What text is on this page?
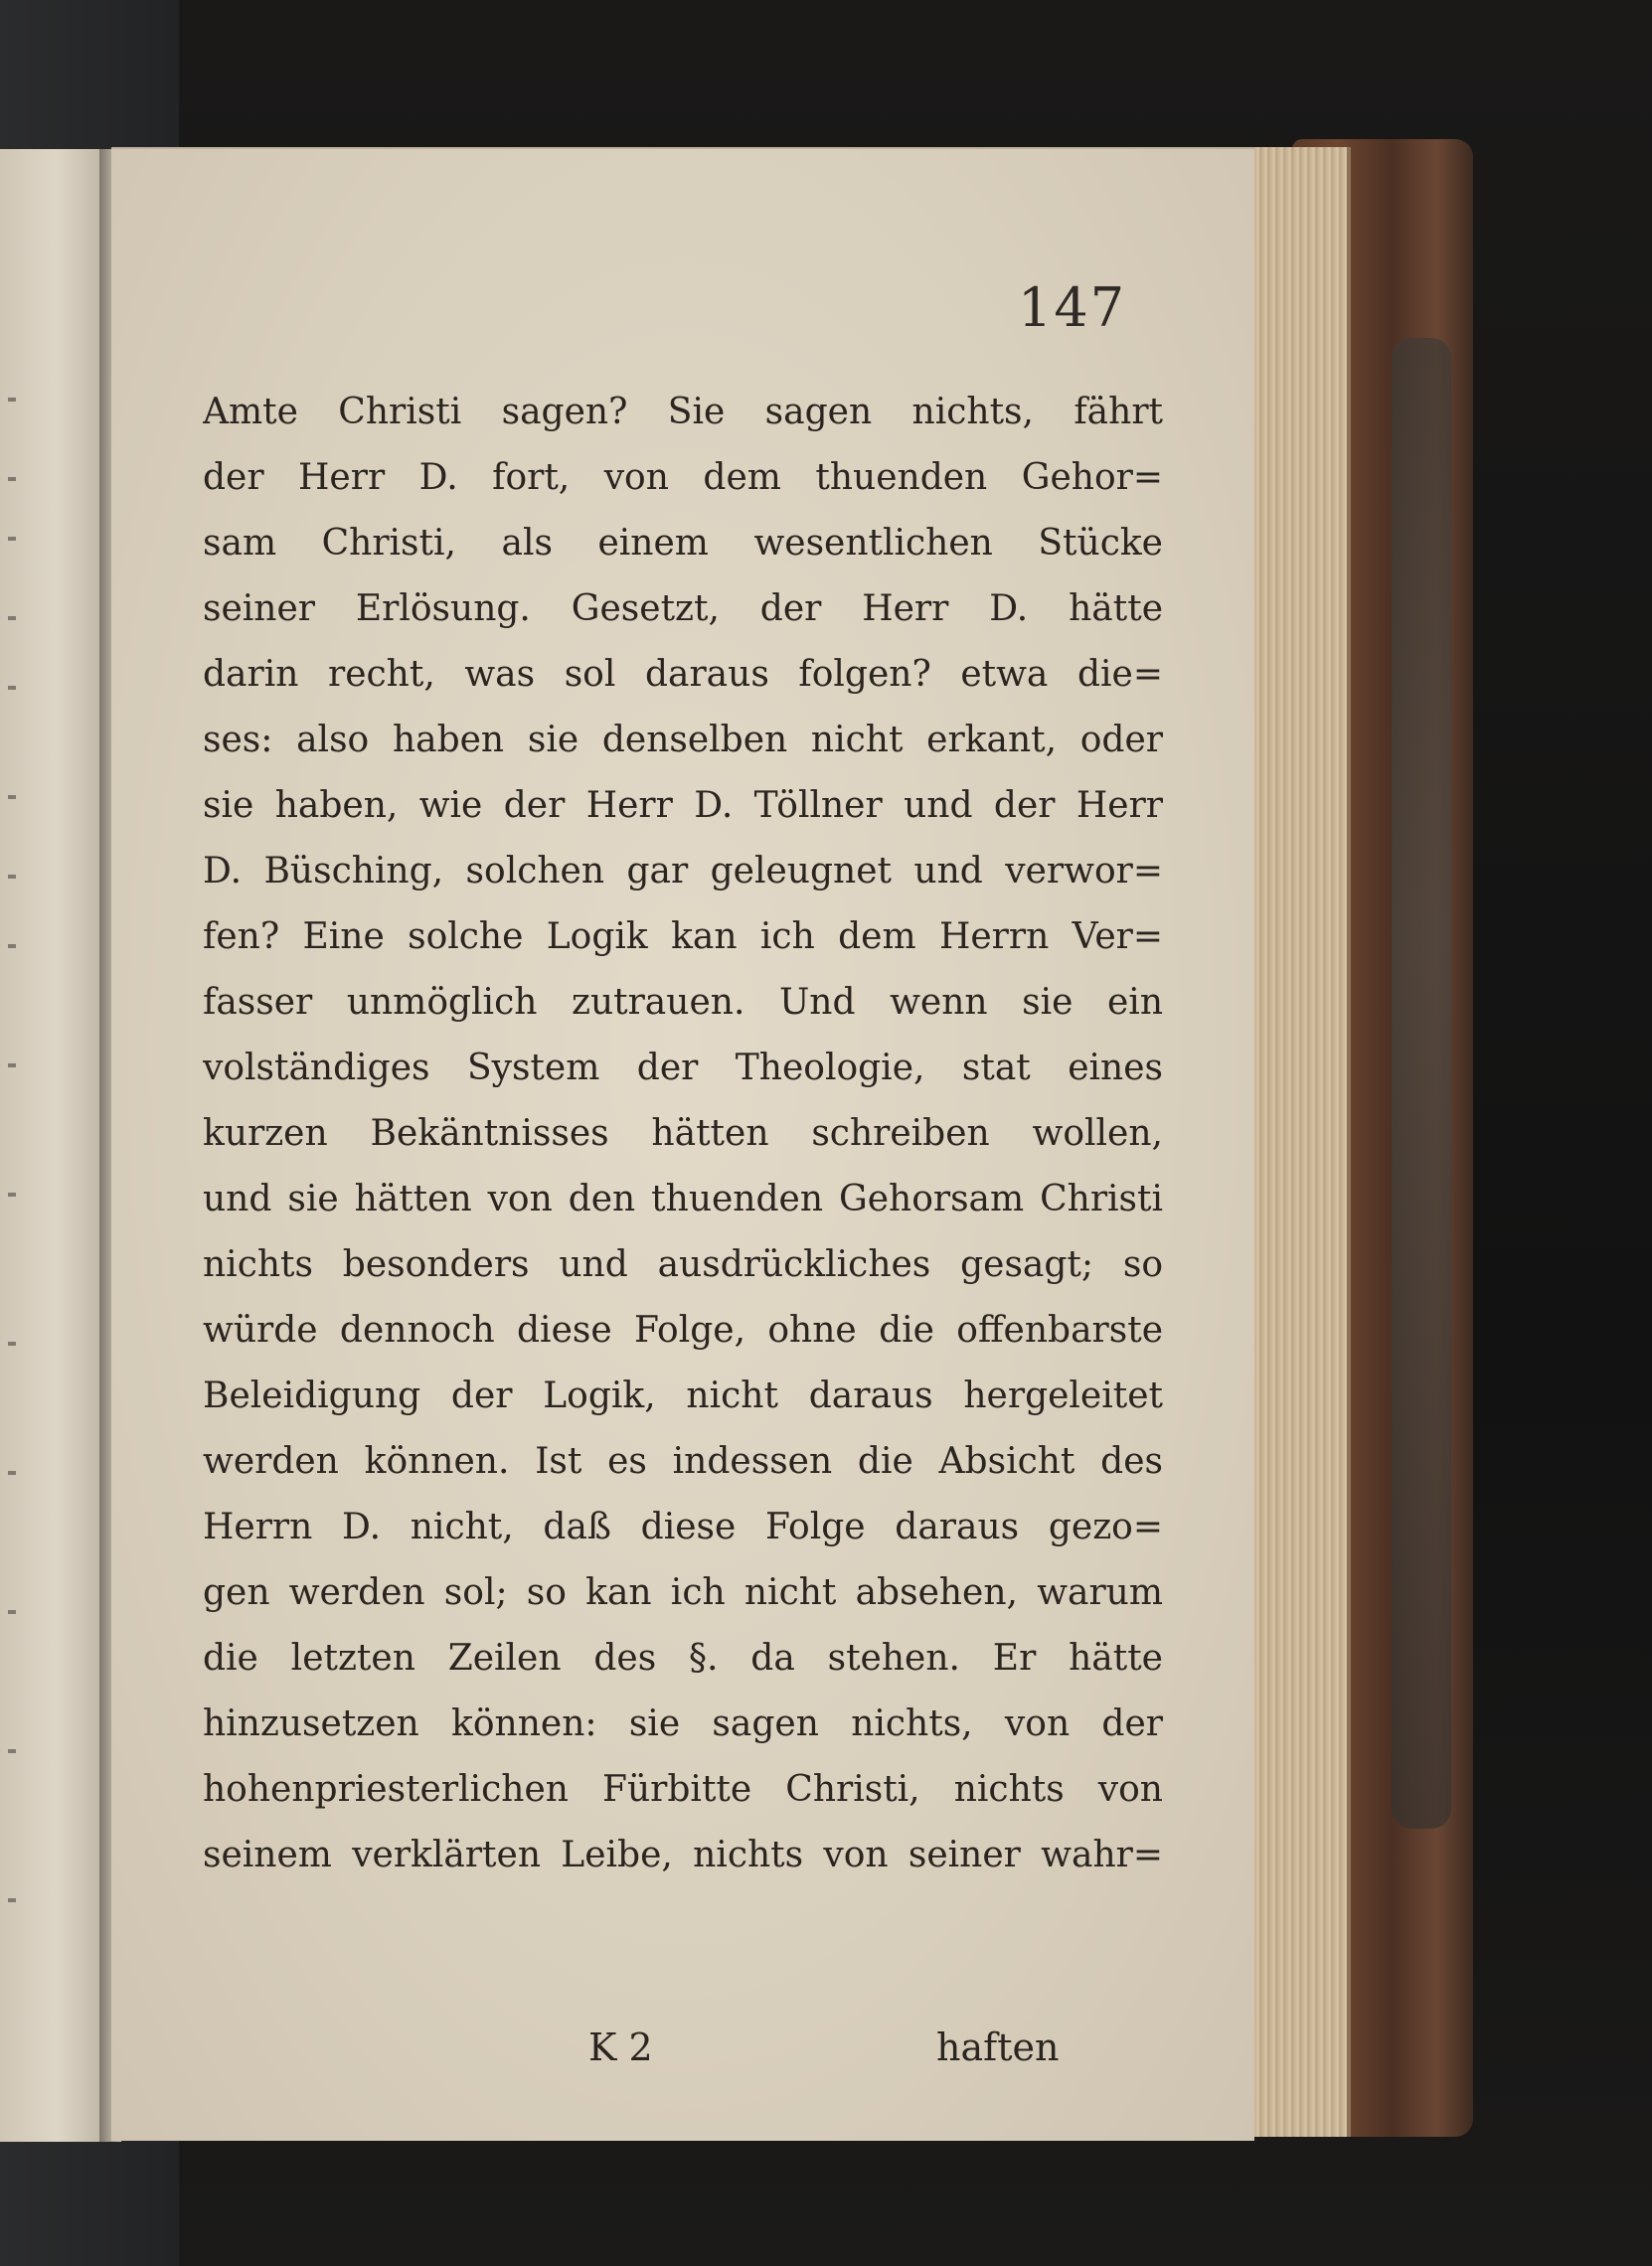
147

Amte Christi sagen? Sie sagen nichts, fährt
der Herr D. fort, von dem thuenden Gehor=
sam Christi, als einem wesentlichen Stücke
seiner Erlösung. Gesetzt, der Herr D. hätte
darin recht, was sol daraus folgen? etwa die=
ses: also haben sie denselben nicht erkant, oder
sie haben, wie der Herr D. Töllner und der Herr
D. Büsching, solchen gar geleugnet und verwor=
fen? Eine solche Logik kan ich dem Herrn Ver=
fasser unmöglich zutrauen. Und wenn sie ein
volständiges System der Theologie, stat eines
kurzen Bekäntnisses hätten schreiben wollen,
und sie hätten von den thuenden Gehorsam Christi
nichts besonders und ausdrückliches gesagt; so
würde dennoch diese Folge, ohne die offenbarste
Beleidigung der Logik, nicht daraus hergeleitet
werden können. Ist es indessen die Absicht des
Herrn D. nicht, daß diese Folge daraus gezo=
gen werden sol; so kan ich nicht absehen, warum
die letzten Zeilen des §. da stehen. Er hätte
hinzusetzen können: sie sagen nichts, von der
hohenpriesterlichen Fürbitte Christi, nichts von
seinem verklärten Leibe, nichts von seiner wahr=

K 2	haften
